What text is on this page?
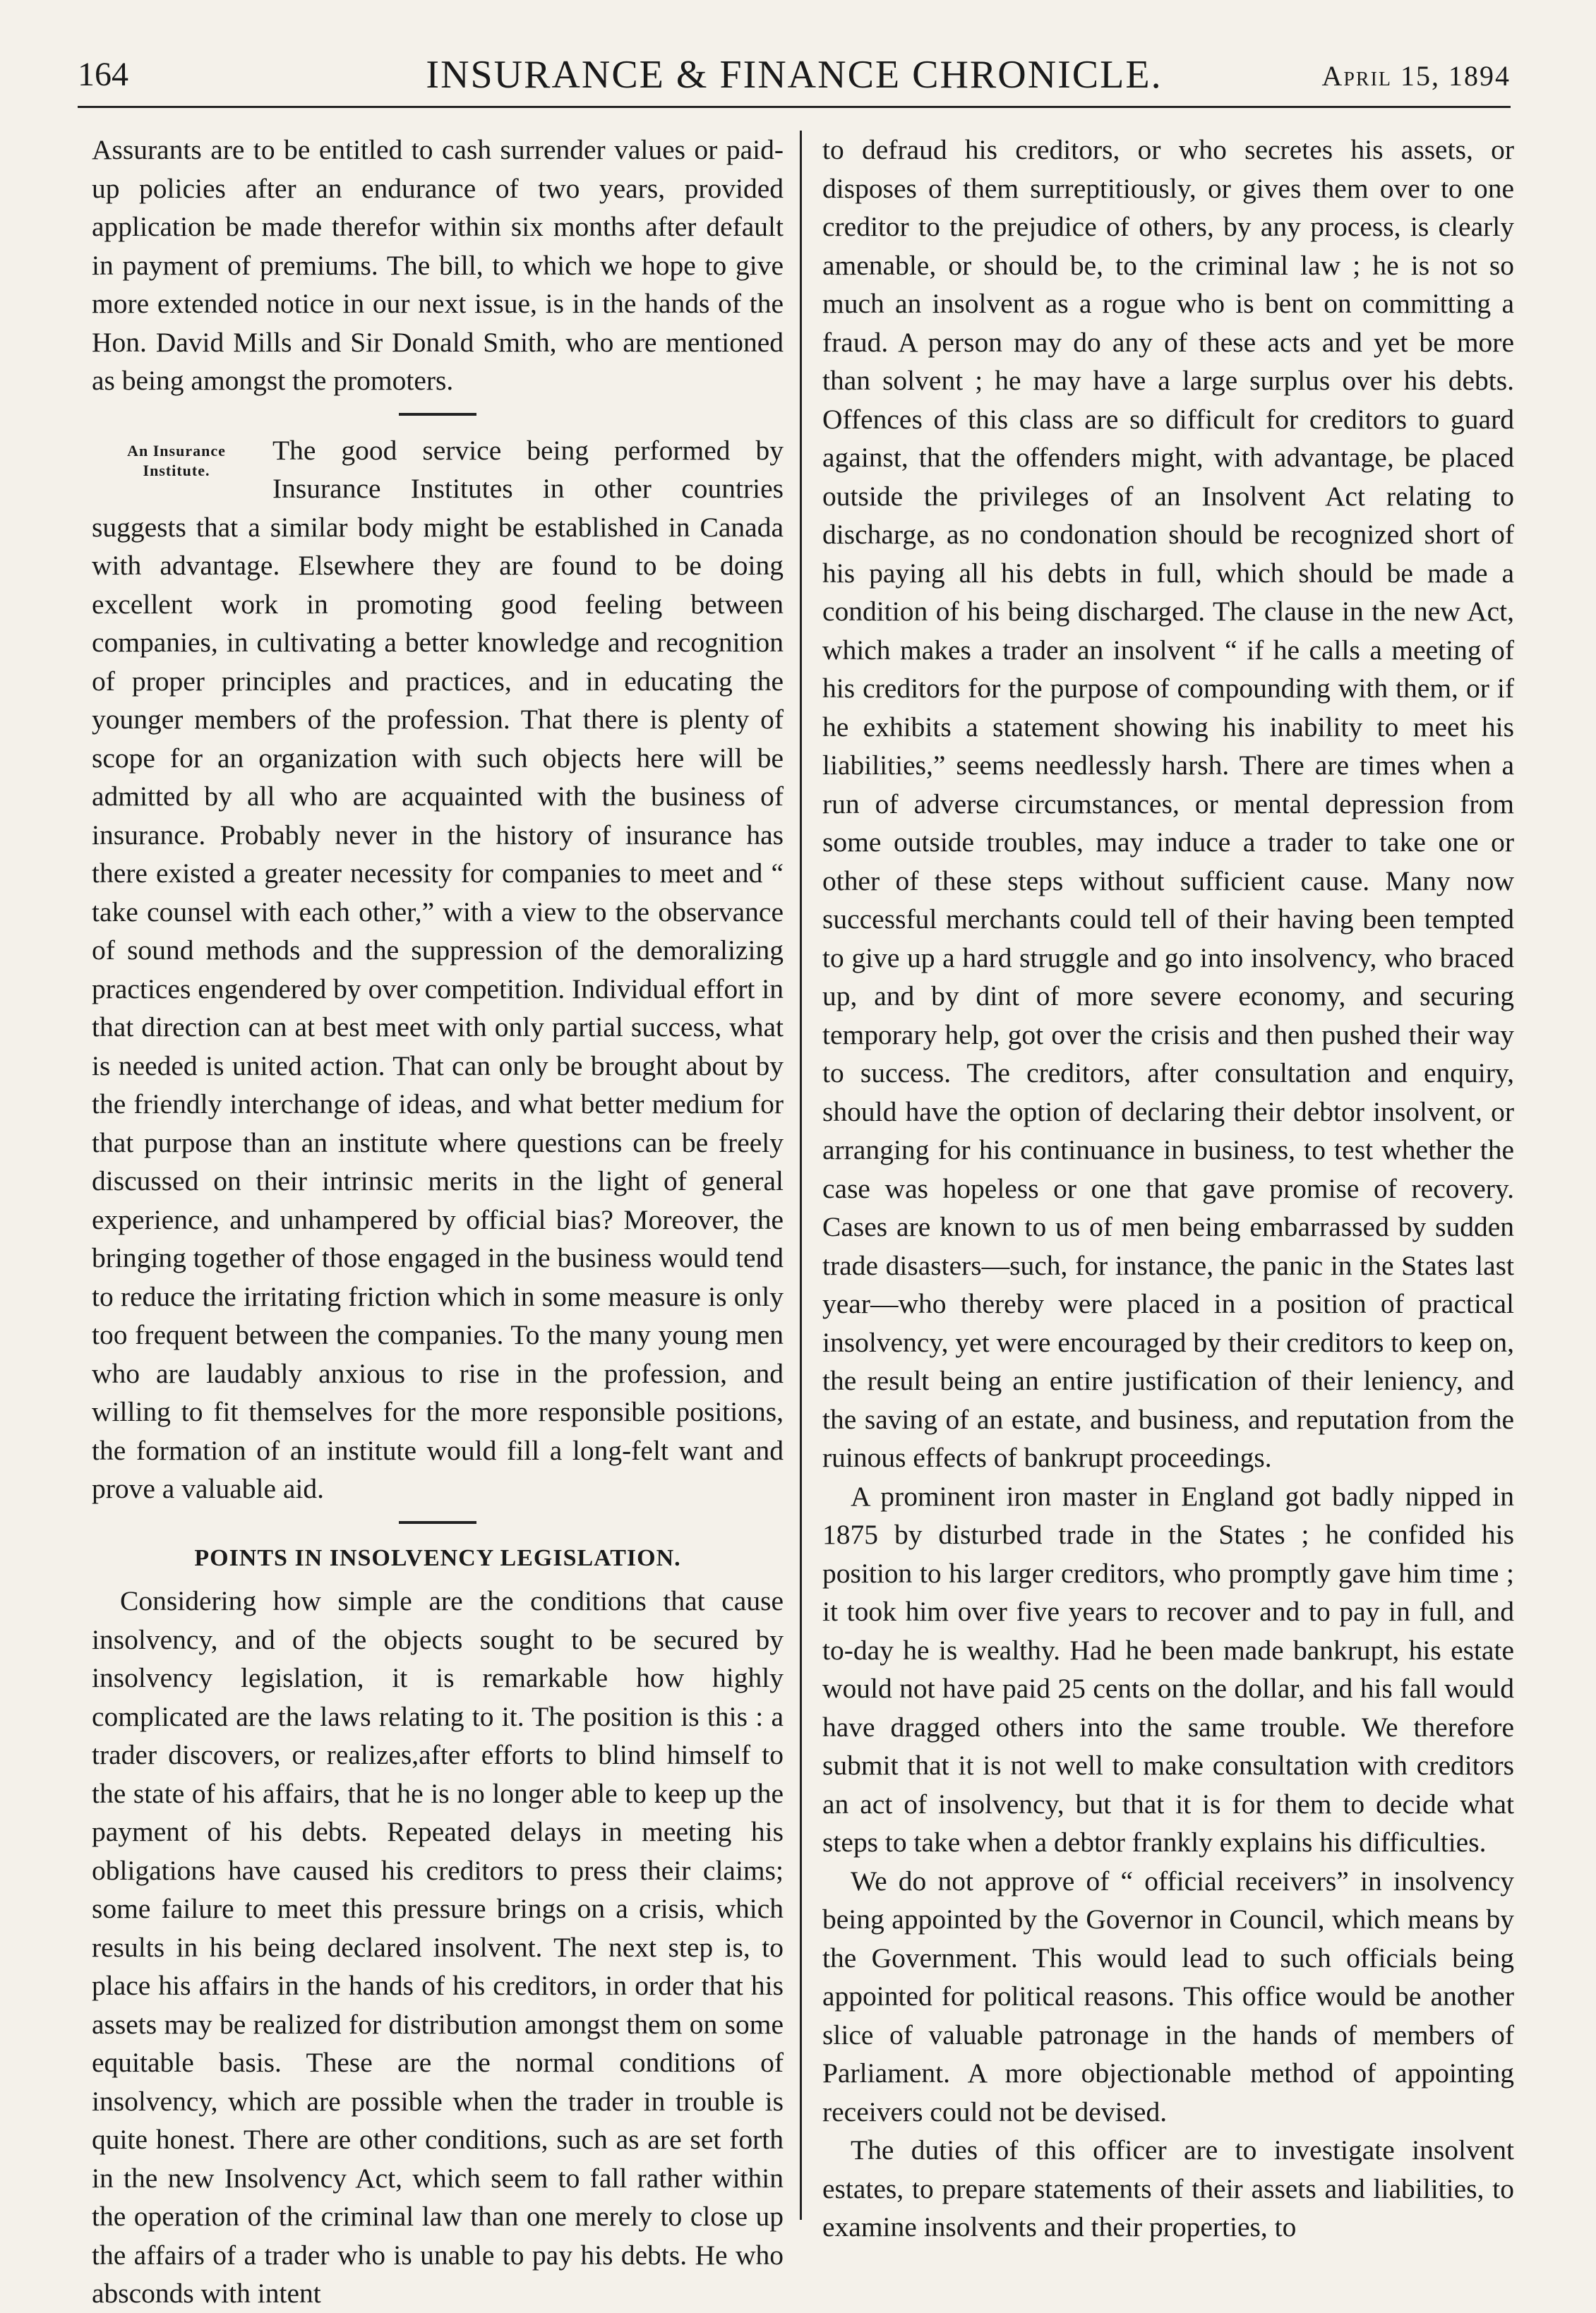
164	INSURANCE & FINANCE CHRONICLE.	April 15, 1894

Assurants are to be entitled to cash surrender values or paid-up policies after an endurance of two years, provided application be made therefor within six months after default in payment of premiums. The bill, to which we hope to give more extended notice in our next issue, is in the hands of the Hon. David Mills and Sir Donald Smith, who are mentioned as being amongst the promoters.

An Insurance Institute.

The good service being performed by Insurance Institutes in other countries suggests that a similar body might be established in Canada with advantage. Elsewhere they are found to be doing excellent work in promoting good feeling between companies, in cultivating a better knowledge and recognition of proper principles and practices, and in educating the younger members of the profession. That there is plenty of scope for an organization with such objects here will be admitted by all who are acquainted with the business of insurance. Probably never in the history of insurance has there existed a greater necessity for companies to meet and “ take counsel with each other,” with a view to the observance of sound methods and the suppression of the demoralizing practices engendered by over competition. Individual effort in that direction can at best meet with only partial success, what is needed is united action. That can only be brought about by the friendly interchange of ideas, and what better medium for that purpose than an institute where questions can be freely discussed on their intrinsic merits in the light of general experience, and unhampered by official bias? Moreover, the bringing together of those engaged in the business would tend to reduce the irritating friction which in some measure is only too frequent between the companies. To the many young men who are laudably anxious to rise in the profession, and willing to fit themselves for the more responsible positions, the formation of an institute would fill a long-felt want and prove a valuable aid.

POINTS IN INSOLVENCY LEGISLATION.

Considering how simple are the conditions that cause insolvency, and of the objects sought to be secured by insolvency legislation, it is remarkable how highly complicated are the laws relating to it. The position is this : a trader discovers, or realizes,after efforts to blind himself to the state of his affairs, that he is no longer able to keep up the payment of his debts. Repeated delays in meeting his obligations have caused his creditors to press their claims; some failure to meet this pressure brings on a crisis, which results in his being declared insolvent. The next step is, to place his affairs in the hands of his creditors, in order that his assets may be realized for distribution amongst them on some equitable basis. These are the normal conditions of insolvency, which are possible when the trader in trouble is quite honest. There are other conditions, such as are set forth in the new Insolvency Act, which seem to fall rather within the operation of the criminal law than one merely to close up the affairs of a trader who is unable to pay his debts. He who absconds with intent

to defraud his creditors, or who secretes his assets, or disposes of them surreptitiously, or gives them over to one creditor to the prejudice of others, by any process, is clearly amenable, or should be, to the criminal law ; he is not so much an insolvent as a rogue who is bent on committing a fraud. A person may do any of these acts and yet be more than solvent ; he may have a large surplus over his debts. Offences of this class are so difficult for creditors to guard against, that the offenders might, with advantage, be placed outside the privileges of an Insolvent Act relating to discharge, as no condonation should be recognized short of his paying all his debts in full, which should be made a condition of his being discharged. The clause in the new Act, which makes a trader an insolvent “ if he calls a meeting of his creditors for the purpose of compounding with them, or if he exhibits a statement showing his inability to meet his liabilities,” seems needlessly harsh. There are times when a run of adverse circumstances, or mental depression from some outside troubles, may induce a trader to take one or other of these steps without sufficient cause. Many now successful merchants could tell of their having been tempted to give up a hard struggle and go into insolvency, who braced up, and by dint of more severe economy, and securing temporary help, got over the crisis and then pushed their way to success. The creditors, after consultation and enquiry, should have the option of declaring their debtor insolvent, or arranging for his continuance in business, to test whether the case was hopeless or one that gave promise of recovery. Cases are known to us of men being embarrassed by sudden trade disasters—such, for instance, the panic in the States last year—who thereby were placed in a position of practical insolvency, yet were encouraged by their creditors to keep on, the result being an entire justification of their leniency, and the saving of an estate, and business, and reputation from the ruinous effects of bankrupt proceedings.

A prominent iron master in England got badly nipped in 1875 by disturbed trade in the States ; he confided his position to his larger creditors, who promptly gave him time ; it took him over five years to recover and to pay in full, and to-day he is wealthy. Had he been made bankrupt, his estate would not have paid 25 cents on the dollar, and his fall would have dragged others into the same trouble. We therefore submit that it is not well to make consultation with creditors an act of insolvency, but that it is for them to decide what steps to take when a debtor frankly explains his difficulties.

We do not approve of “ official receivers” in insolvency being appointed by the Governor in Council, which means by the Government. This would lead to such officials being appointed for political reasons. This office would be another slice of valuable patronage in the hands of members of Parliament. A more objectionable method of appointing receivers could not be devised.

The duties of this officer are to investigate insolvent estates, to prepare statements of their assets and liabilities, to examine insolvents and their properties, to
